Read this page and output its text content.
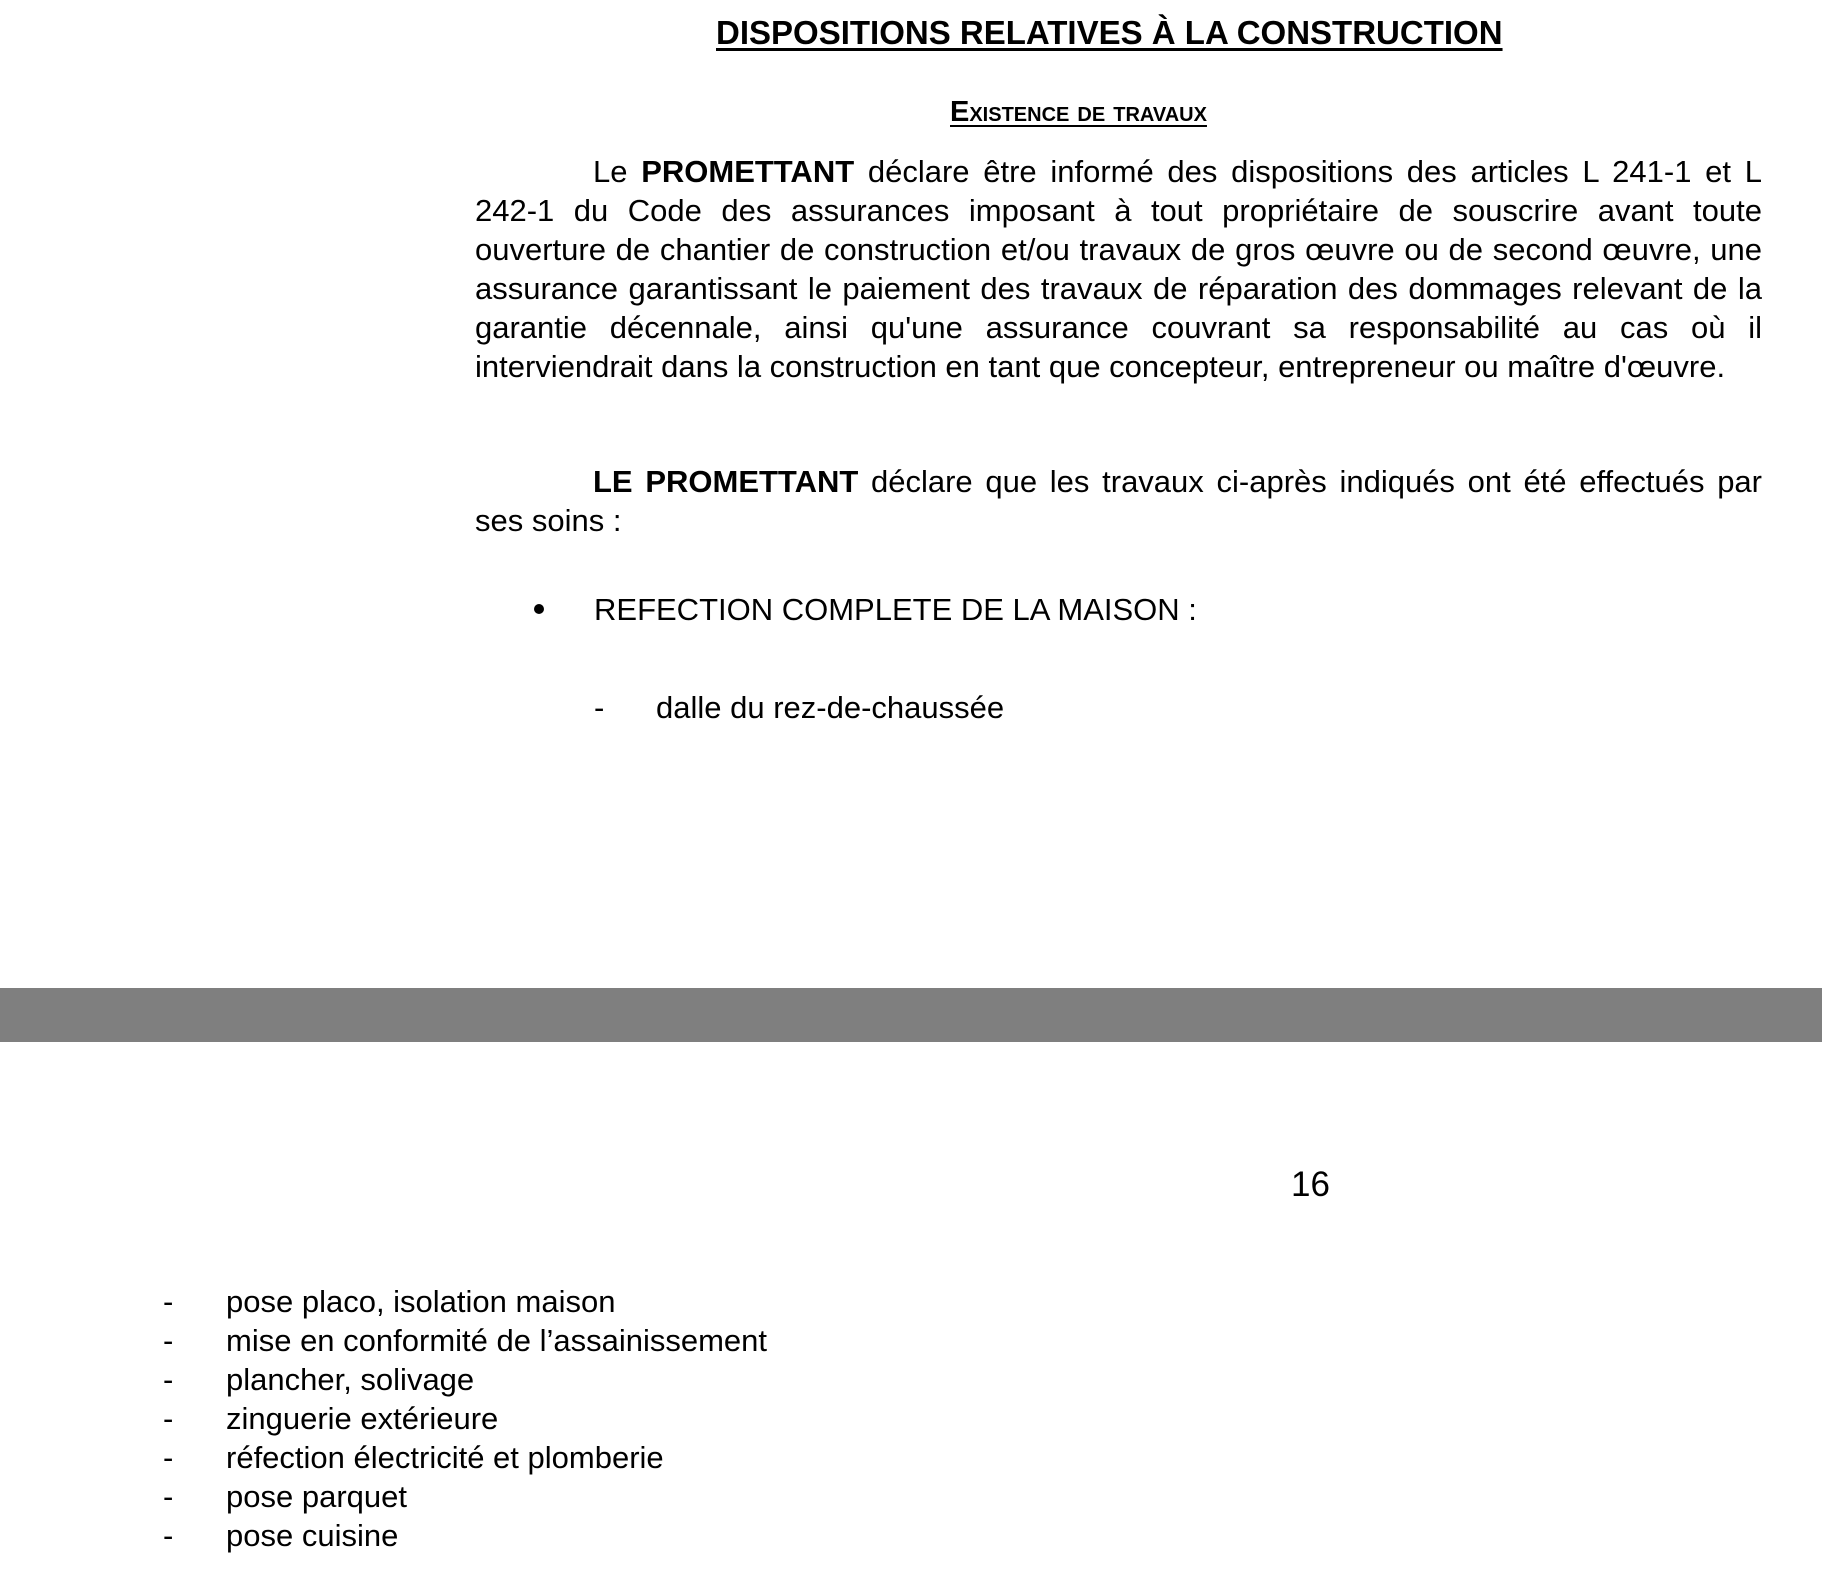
DISPOSITIONS RELATIVES À LA CONSTRUCTION
Existence de travaux

Le PROMETTANT déclare être informé des dispositions des articles L 241-1 et L 242-1 du Code des assurances imposant à tout propriétaire de souscrire avant toute ouverture de chantier de construction et/ou travaux de gros œuvre ou de second œuvre, une assurance garantissant le paiement des travaux de réparation des dommages relevant de la garantie décennale, ainsi qu'une assurance couvrant sa responsabilité au cas où il interviendrait dans la construction en tant que concepteur, entrepreneur ou maître d'œuvre.

LE PROMETTANT déclare que les travaux ci-après indiqués ont été effectués par ses soins :

REFECTION COMPLETE DE LA MAISON :
- dalle du rez-de-chaussée
16
- pose placo, isolation maison
- mise en conformité de l’assainissement
- plancher, solivage
- zinguerie extérieure
- réfection électricité et plomberie
- pose parquet
- pose cuisine
